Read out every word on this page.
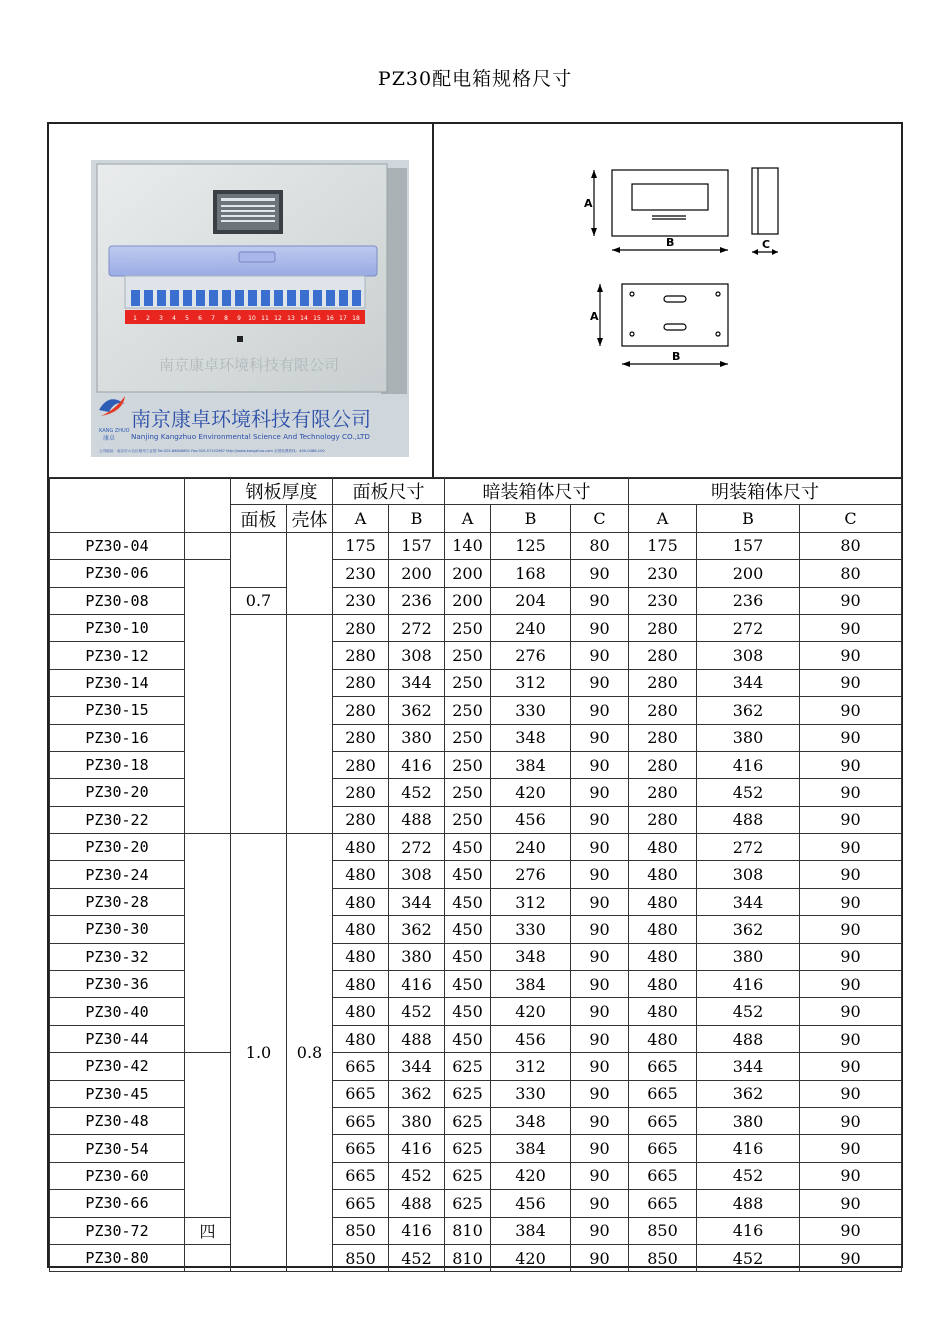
PZ30配电箱规格尺寸
1 2 3 4 5 6 7 8 9 10 11 12 13 14 15 16 17 18
南京康卓环境科技有限公司
KANG ZHUO
康卓
南京康卓环境科技有限公司
Nanjing Kangzhuo Environmental Science And Technology CO.,LTD
公司地址：南京市六合区雄州工业园 Tel:025-86606801 Fax:025-57102987 http://www.kangzhuo.com 全国免费热线：400-0488-100
A
B	C
A
B
		钢板厚度		面板尺寸		暗装箱体尺寸			明装箱体尺寸		
		面板	壳体	A	B	A	B	C	A	B	C
PZ30-04				175	157	140	125	80	175	157	80
PZ30-06				230	200	200	168	90	230	200	80
PZ30-08		0.7		230	236	200	204	90	230	236	90
PZ30-10				280	272	250	240	90	280	272	90
PZ30-12				280	308	250	276	90	280	308	90
PZ30-14				280	344	250	312	90	280	344	90
PZ30-15				280	362	250	330	90	280	362	90
PZ30-16				280	380	250	348	90	280	380	90
PZ30-18				280	416	250	384	90	280	416	90
PZ30-20				280	452	250	420	90	280	452	90
PZ30-22				280	488	250	456	90	280	488	90
PZ30-20		1.0	0.8	480	272	450	240	90	480	272	90
PZ30-24				480	308	450	276	90	480	308	90
PZ30-28				480	344	450	312	90	480	344	90
PZ30-30				480	362	450	330	90	480	362	90
PZ30-32				480	380	450	348	90	480	380	90
PZ30-36				480	416	450	384	90	480	416	90
PZ30-40				480	452	450	420	90	480	452	90
PZ30-44				480	488	450	456	90	480	488	90
PZ30-42				665	344	625	312	90	665	344	90
PZ30-45				665	362	625	330	90	665	362	90
PZ30-48				665	380	625	348	90	665	380	90
PZ30-54				665	416	625	384	90	665	416	90
PZ30-60				665	452	625	420	90	665	452	90
PZ30-66				665	488	625	456	90	665	488	90
PZ30-72	四			850	416	810	384	90	850	416	90
PZ30-80				850	452	810	420	90	850	452	90
